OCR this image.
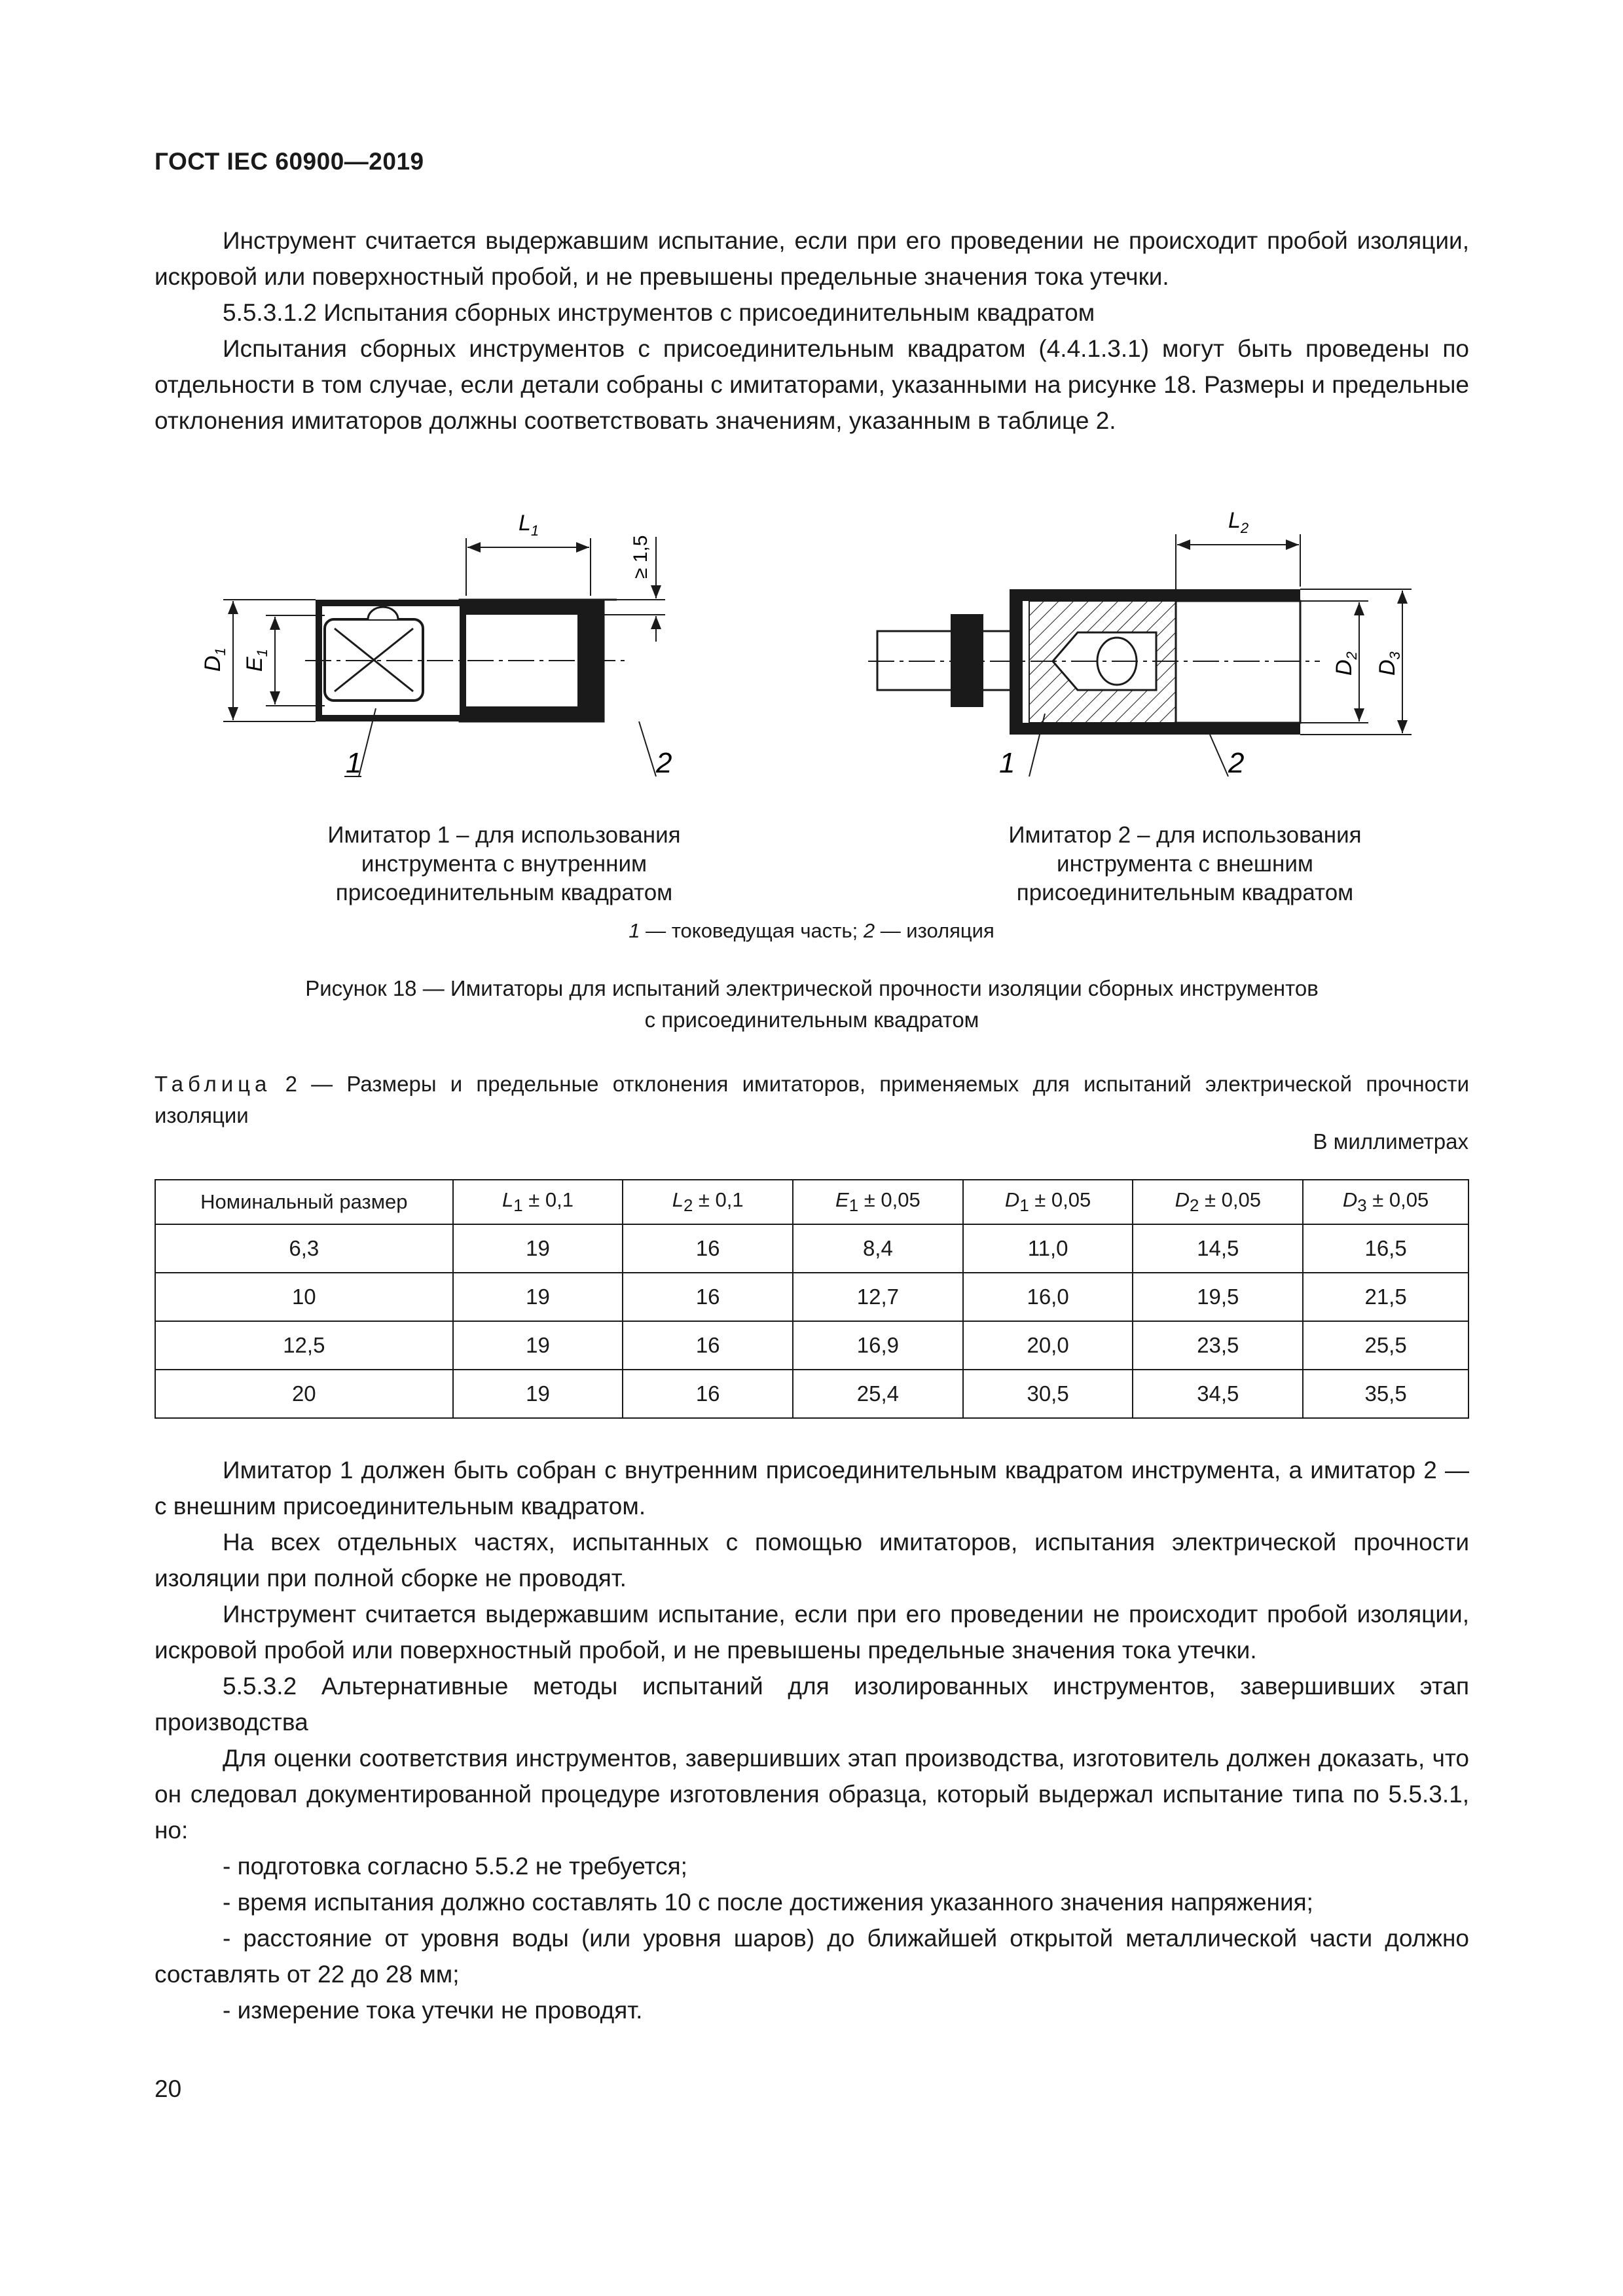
ГОСТ IEC 60900—2019

Инструмент считается выдержавшим испытание, если при его проведении не происходит пробой изоляции, искровой или поверхностный пробой, и не превышены предельные значения тока утечки.

5.5.3.1.2 Испытания сборных инструментов с присоединительным квадратом

Испытания сборных инструментов с присоединительным квадратом (4.4.1.3.1) могут быть проведены по отдельности в том случае, если детали собраны с имитаторами, указанными на рисунке 18. Размеры и предельные отклонения имитаторов должны соответствовать значениям, указанным в таблице 2.

$L_1$
≥ 1,5
$D_1$
$E_1$
1	2
$L_2$
$D_2$
$D_3$
1	2
Имитатор 1 – для использования
инструмента с внутренним
присоединительным квадратом
Имитатор 2 – для использования
инструмента с внешним
присоединительным квадратом
1 — токоведущая часть; 2 — изоляция
Рисунок 18 — Имитаторы для испытаний электрической прочности изоляции сборных инструментов
с присоединительным квадратом
Таблица 2 — Размеры и предельные отклонения имитаторов, применяемых для испытаний электрической прочности изоляции
В миллиметрах
Номинальный размер	$L_1 \pm 0,1$	$L_2 \pm 0,1$	$E_1 \pm 0,05$	$D_1 \pm 0,05$	$D_2 \pm 0,05$	$D_3 \pm 0,05$
6,3	19	16	8,4	11,0	14,5	16,5
10	19	16	12,7	16,0	19,5	21,5
12,5	19	16	16,9	20,0	23,5	25,5
20	19	16	25,4	30,5	34,5	35,5

Имитатор 1 должен быть собран с внутренним присоединительным квадратом инструмента, а имитатор 2 — с внешним присоединительным квадратом.

На всех отдельных частях, испытанных с помощью имитаторов, испытания электрической прочности изоляции при полной сборке не проводят.

Инструмент считается выдержавшим испытание, если при его проведении не происходит пробой изоляции, искровой пробой или поверхностный пробой, и не превышены предельные значения тока утечки.

5.5.3.2 Альтернативные методы испытаний для изолированных инструментов, завершивших этап производства

Для оценки соответствия инструментов, завершивших этап производства, изготовитель должен доказать, что он следовал документированной процедуре изготовления образца, который выдержал испытание типа по 5.5.3.1, но:

- подготовка согласно 5.5.2 не требуется;

- время испытания должно составлять 10 с после достижения указанного значения напряжения;

- расстояние от уровня воды (или уровня шаров) до ближайшей открытой металлической части должно составлять от 22 до 28 мм;

- измерение тока утечки не проводят.

20
